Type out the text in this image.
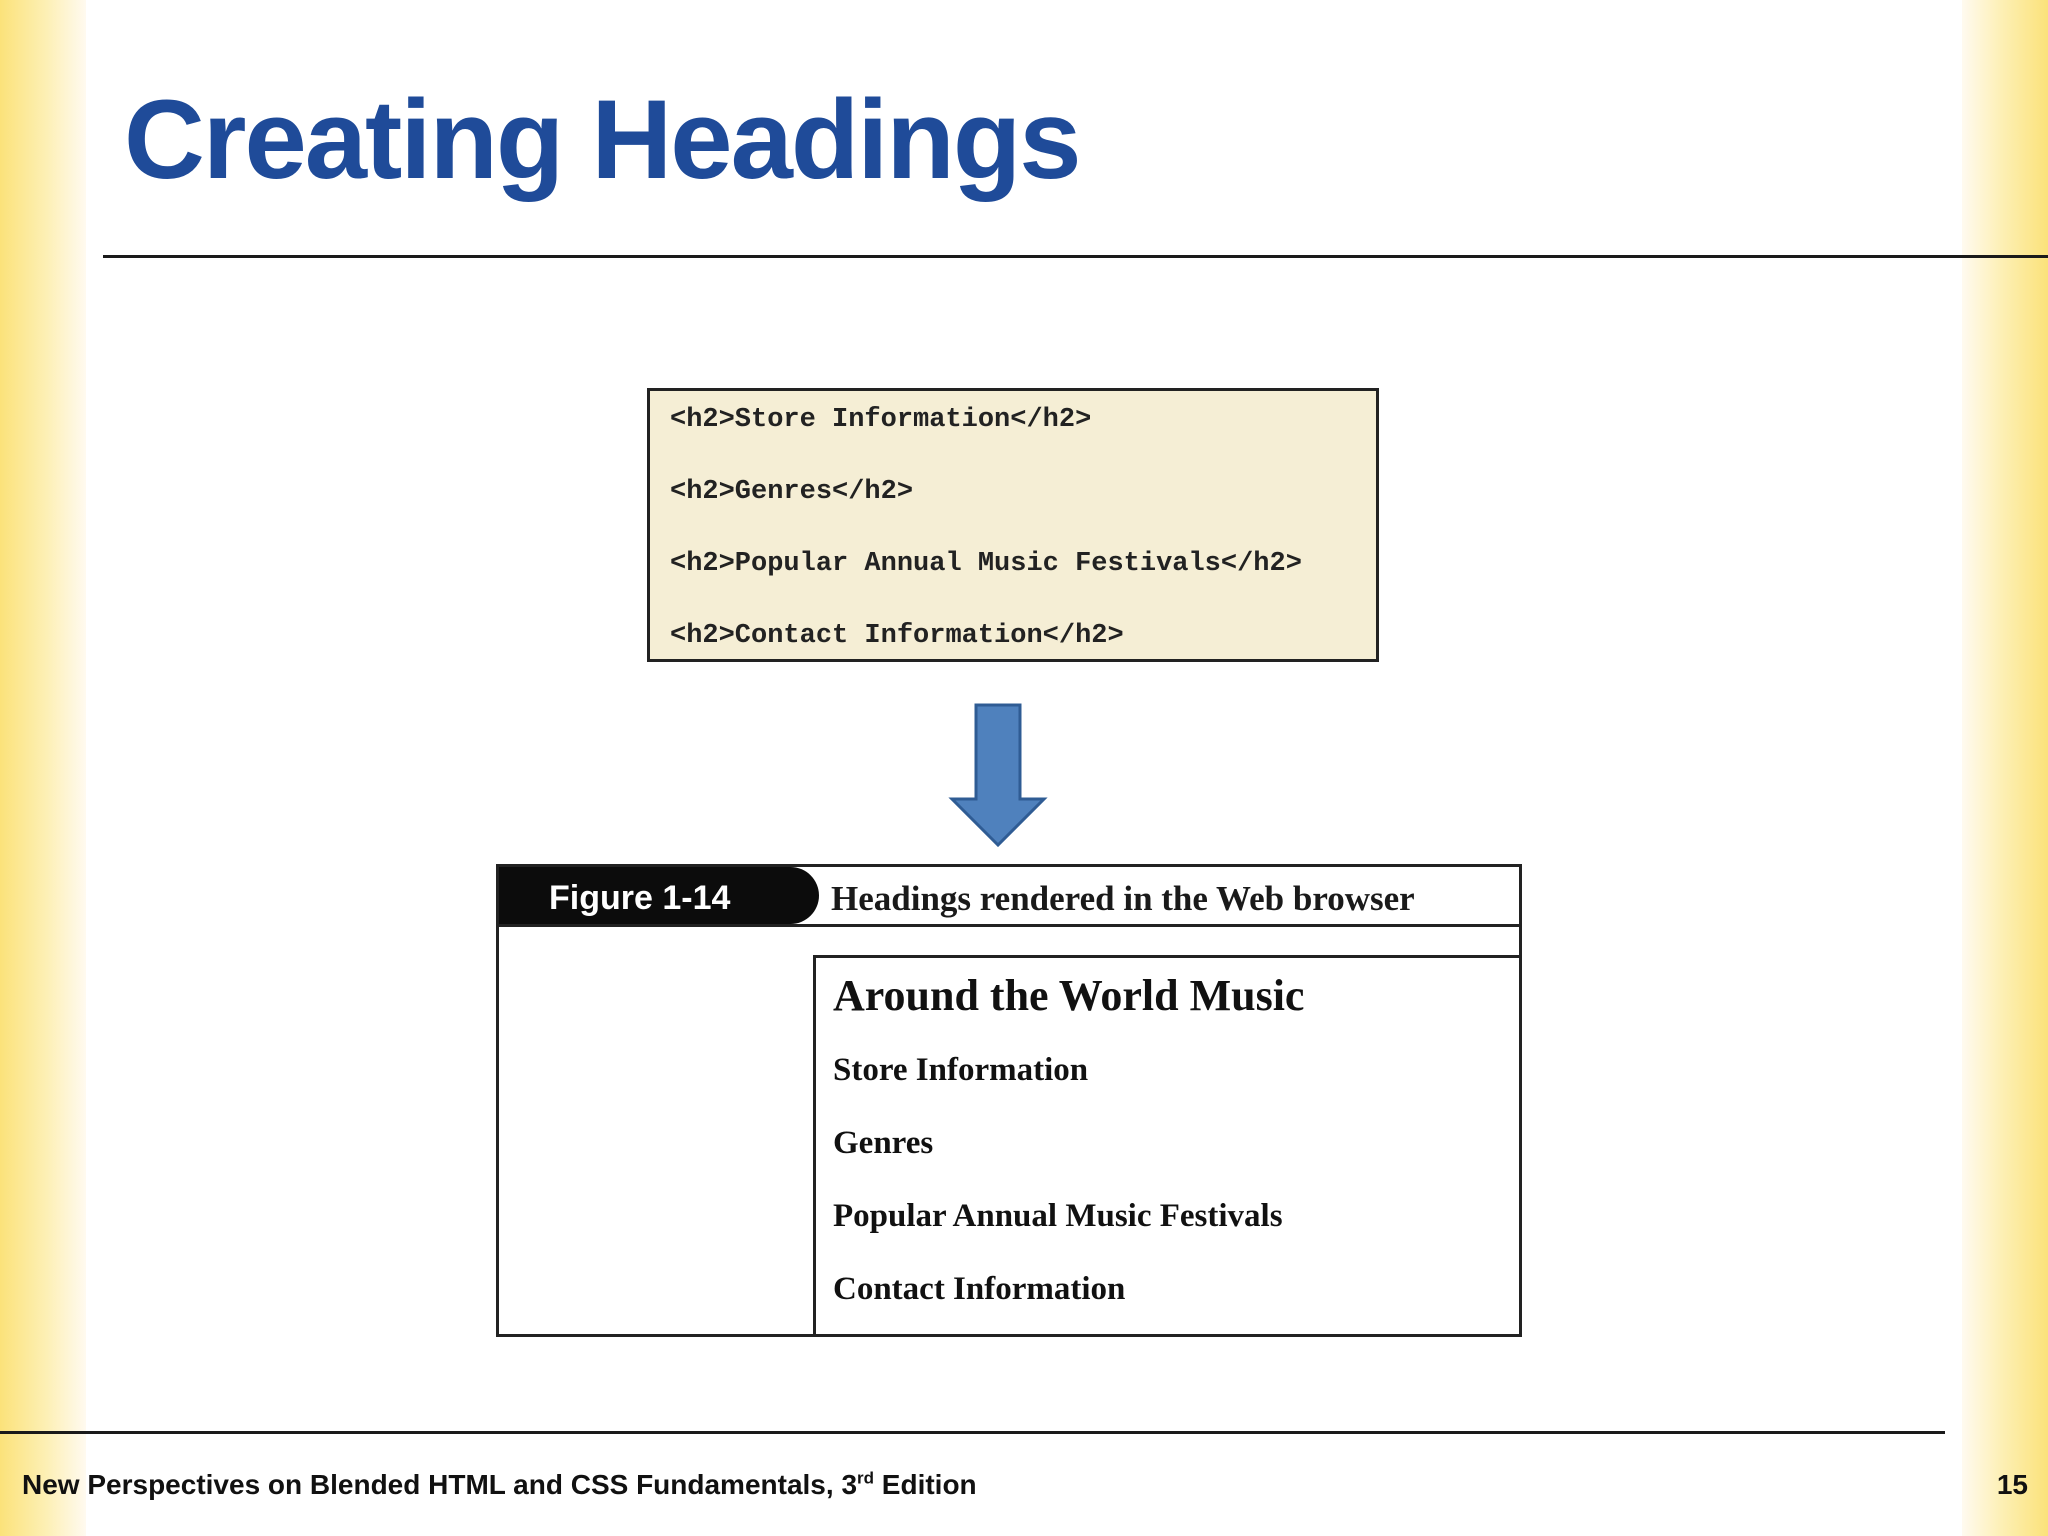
Creating Headings
<h2>Store Information</h2>
<h2>Genres</h2>
<h2>Popular Annual Music Festivals</h2>
<h2>Contact Information</h2>
Figure 1-14	Headings rendered in the Web browser
Around the World Music
Store Information
Genres
Popular Annual Music Festivals
Contact Information
New Perspectives on Blended HTML and CSS Fundamentals, 3rd Edition	15
